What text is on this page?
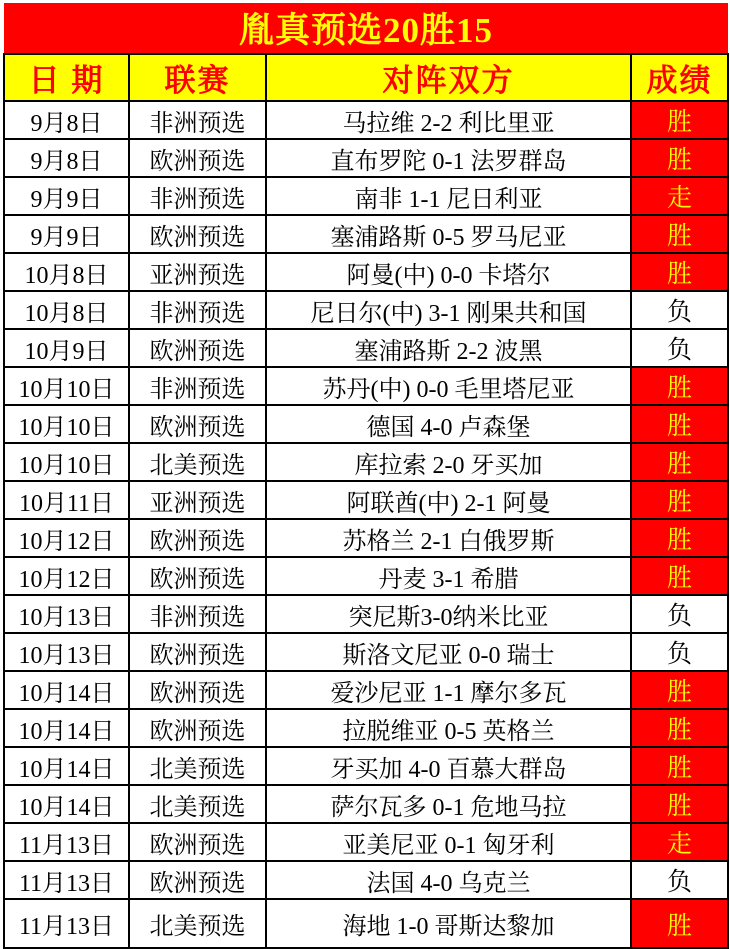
胤真预选20胜15			
日 期	联赛	对阵双方	成绩
9月8日	非洲预选	马拉维 2-2 利比里亚	胜
9月8日	欧洲预选	直布罗陀 0-1 法罗群岛	胜
9月9日	非洲预选	南非 1-1 尼日利亚	走
9月9日	欧洲预选	塞浦路斯 0-5 罗马尼亚	胜
10月8日	亚洲预选	阿曼(中) 0-0 卡塔尔	胜
10月8日	非洲预选	尼日尔(中) 3-1 刚果共和国	负
10月9日	欧洲预选	塞浦路斯 2-2 波黑	负
10月10日	非洲预选	苏丹(中) 0-0 毛里塔尼亚	胜
10月10日	欧洲预选	德国 4-0 卢森堡	胜
10月10日	北美预选	库拉索 2-0 牙买加	胜
10月11日	亚洲预选	阿联酋(中) 2-1 阿曼	胜
10月12日	欧洲预选	苏格兰 2-1 白俄罗斯	胜
10月12日	欧洲预选	丹麦 3-1 希腊	胜
10月13日	非洲预选	突尼斯3-0纳米比亚	负
10月13日	欧洲预选	斯洛文尼亚 0-0 瑞士	负
10月14日	欧洲预选	爱沙尼亚 1-1 摩尔多瓦	胜
10月14日	欧洲预选	拉脱维亚 0-5 英格兰	胜
10月14日	北美预选	牙买加 4-0 百慕大群岛	胜
10月14日	北美预选	萨尔瓦多 0-1 危地马拉	胜
11月13日	欧洲预选	亚美尼亚 0-1 匈牙利	走
11月13日	欧洲预选	法国 4-0 乌克兰	负
11月13日	北美预选	海地 1-0 哥斯达黎加	胜
